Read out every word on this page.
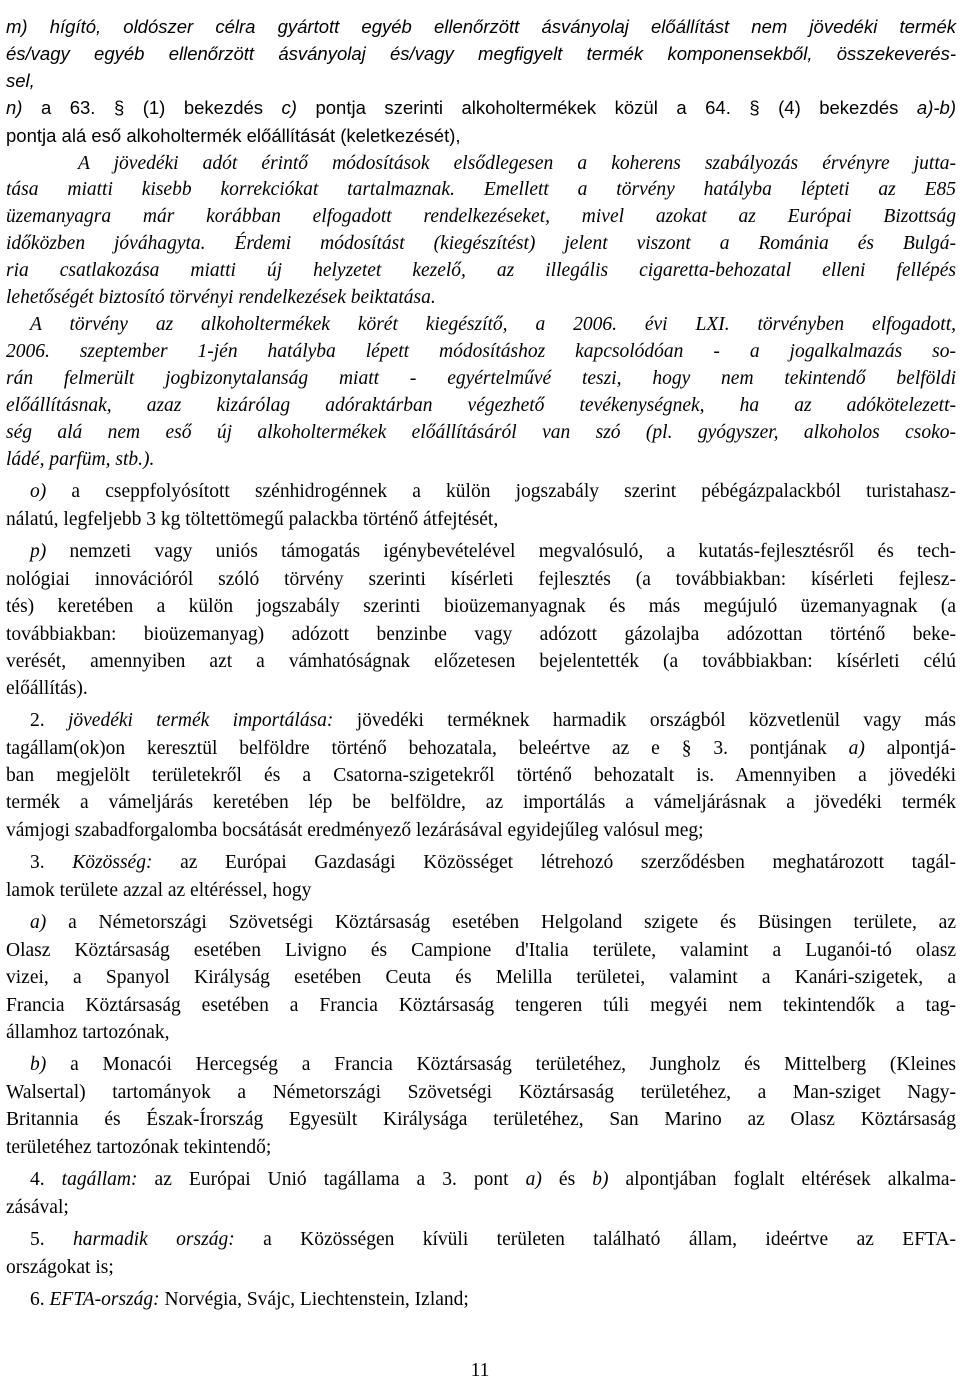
m) hígító, oldószer célra gyártott egyéb ellenőrzött ásványolaj előállítást nem jövedéki termék
és/vagy egyéb ellenőrzött ásványolaj és/vagy megfigyelt termék komponensekből, összekeverés-
sel,
n) a 63. § (1) bekezdés c) pontja szerinti alkoholtermékek közül a 64. § (4) bekezdés a)-b)
pontja alá eső alkoholtermék előállítását (keletkezését),
A jövedéki adót érintő módosítások elsődlegesen a koherens szabályozás érvényre jutta-
tása miatti kisebb korrekciókat tartalmaznak. Emellett a törvény hatályba lépteti az E85
üzemanyagra már korábban elfogadott rendelkezéseket, mivel azokat az Európai Bizottság
időközben jóváhagyta. Érdemi módosítást (kiegészítést) jelent viszont a Románia és Bulgá-
ria csatlakozása miatti új helyzetet kezelő, az illegális cigaretta-behozatal elleni fellépés
lehetőségét biztosító törvényi rendelkezések beiktatása.
A törvény az alkoholtermékek körét kiegészítő, a 2006. évi LXI. törvényben elfogadott,
2006. szeptember 1-jén hatályba lépett módosításhoz kapcsolódóan - a jogalkalmazás so-
rán felmerült jogbizonytalanság miatt - egyértelművé teszi, hogy nem tekintendő belföldi
előállításnak, azaz kizárólag adóraktárban végezhető tevékenységnek, ha az adókötelezett-
ség alá nem eső új alkoholtermékek előállításáról van szó (pl. gyógyszer, alkoholos csoko-
ládé, parfüm, stb.).
o) a cseppfolyósított szénhidrogénnek a külön jogszabály szerint pébégázpalackból turistahasz-
nálatú, legfeljebb 3 kg töltettömegű palackba történő átfejtését,
p) nemzeti vagy uniós támogatás igénybevételével megvalósuló, a kutatás-fejlesztésről és tech-
nológiai innovációról szóló törvény szerinti kísérleti fejlesztés (a továbbiakban: kísérleti fejlesz-
tés) keretében a külön jogszabály szerinti bioüzemanyagnak és más megújuló üzemanyagnak (a
továbbiakban: bioüzemanyag) adózott benzinbe vagy adózott gázolajba adózottan történő beke-
verését, amennyiben azt a vámhatóságnak előzetesen bejelentették (a továbbiakban: kísérleti célú
előállítás).
2. jövedéki termék importálása: jövedéki terméknek harmadik országból közvetlenül vagy más
tagállam(ok)on keresztül belföldre történő behozatala, beleértve az e § 3. pontjának a) alpontjá-
ban megjelölt területekről és a Csatorna-szigetekről történő behozatalt is. Amennyiben a jövedéki
termék a vámeljárás keretében lép be belföldre, az importálás a vámeljárásnak a jövedéki termék
vámjogi szabadforgalomba bocsátását eredményező lezárásával egyidejűleg valósul meg;
3. Közösség: az Európai Gazdasági Közösséget létrehozó szerződésben meghatározott tagál-
lamok területe azzal az eltéréssel, hogy
a) a Németországi Szövetségi Köztársaság esetében Helgoland szigete és Büsingen területe, az
Olasz Köztársaság esetében Livigno és Campione d'Italia területe, valamint a Luganói-tó olasz
vizei, a Spanyol Királyság esetében Ceuta és Melilla területei, valamint a Kanári-szigetek, a
Francia Köztársaság esetében a Francia Köztársaság tengeren túli megyéi nem tekintendők a tag-
államhoz tartozónak,
b) a Monacói Hercegség a Francia Köztársaság területéhez, Jungholz és Mittelberg (Kleines
Walsertal) tartományok a Németországi Szövetségi Köztársaság területéhez, a Man-sziget Nagy-
Britannia és Észak-Írország Egyesült Királysága területéhez, San Marino az Olasz Köztársaság
területéhez tartozónak tekintendő;
4. tagállam: az Európai Unió tagállama a 3. pont a) és b) alpontjában foglalt eltérések alkalma-
zásával;
5. harmadik ország: a Közösségen kívüli területen található állam, ideértve az EFTA-
országokat is;
6. EFTA-ország: Norvégia, Svájc, Liechtenstein, Izland;
11
